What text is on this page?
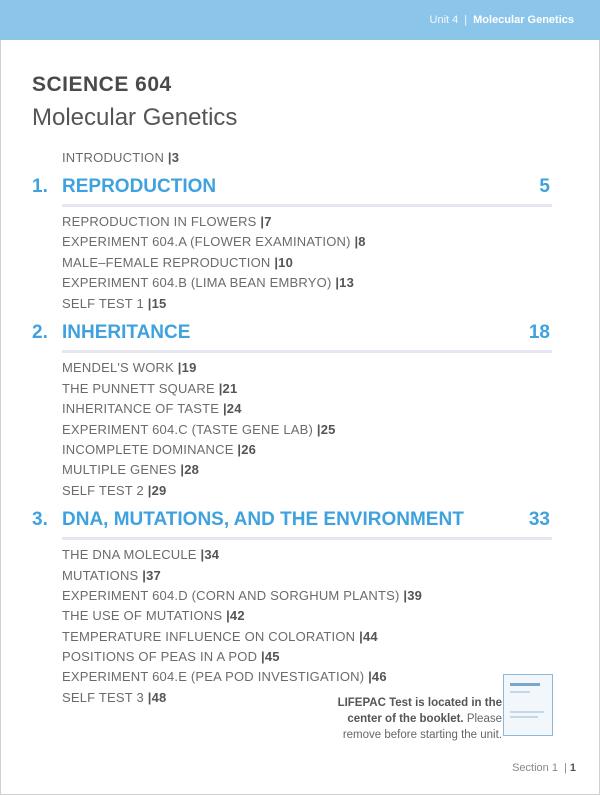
Unit 4 | Molecular Genetics
SCIENCE 604
Molecular Genetics
INTRODUCTION |3
1. REPRODUCTION	5
REPRODUCTION IN FLOWERS |7
EXPERIMENT 604.A (FLOWER EXAMINATION) |8
MALE–FEMALE REPRODUCTION |10
EXPERIMENT 604.B (LIMA BEAN EMBRYO) |13
SELF TEST 1 |15
2. INHERITANCE	18
MENDEL'S WORK |19
THE PUNNETT SQUARE |21
INHERITANCE OF TASTE |24
EXPERIMENT 604.C (TASTE GENE LAB) |25
INCOMPLETE DOMINANCE |26
MULTIPLE GENES |28
SELF TEST 2 |29
3. DNA, MUTATIONS, AND THE ENVIRONMENT	33
THE DNA MOLECULE |34
MUTATIONS |37
EXPERIMENT 604.D (CORN AND SORGHUM PLANTS) |39
THE USE OF MUTATIONS |42
TEMPERATURE INFLUENCE ON COLORATION |44
POSITIONS OF PEAS IN A POD |45
EXPERIMENT 604.E (PEA POD INVESTIGATION) |46
SELF TEST 3 |48	LIFEPAC Test is located in the center of the booklet. Please remove before starting the unit.
Section 1 | 1
